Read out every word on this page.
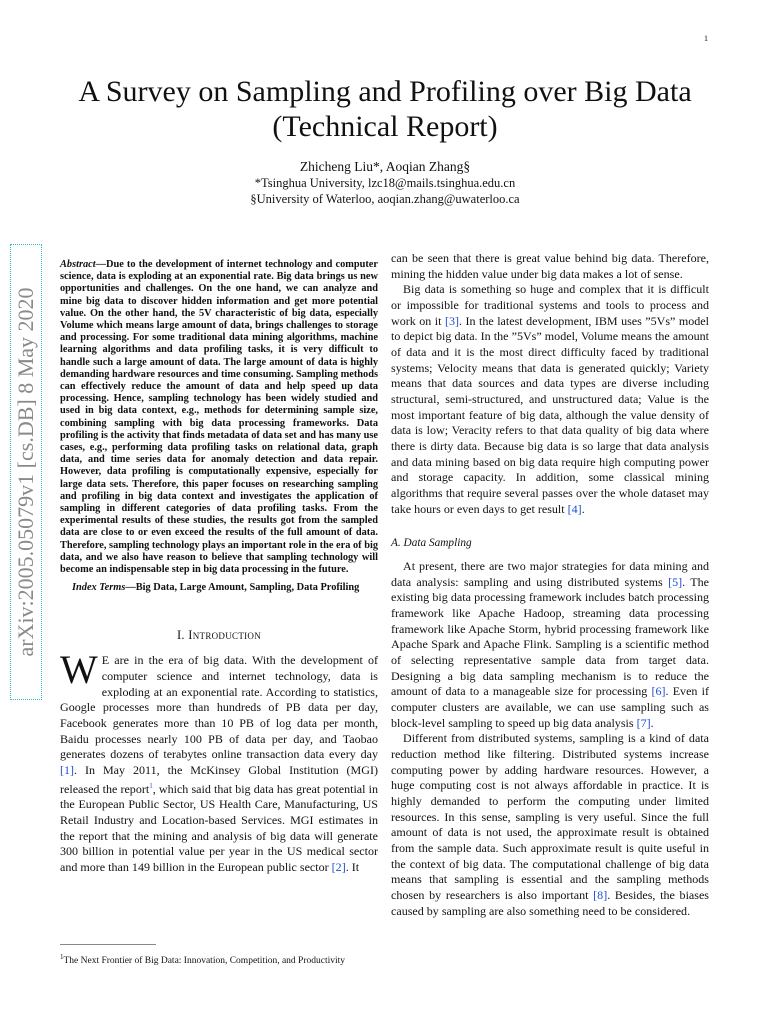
1
A Survey on Sampling and Profiling over Big Data
(Technical Report)
Zhicheng Liu*, Aoqian Zhang§
*Tsinghua University, lzc18@mails.tsinghua.edu.cn
§University of Waterloo, aoqian.zhang@uwaterloo.ca
arXiv:2005.05079v1 [cs.DB] 8 May 2020

Abstract—Due to the development of internet technology and computer science, data is exploding at an exponential rate. Big data brings us new opportunities and challenges. On the one hand, we can analyze and mine big data to discover hidden information and get more potential value. On the other hand, the 5V characteristic of big data, especially Volume which means large amount of data, brings challenges to storage and processing. For some traditional data mining algorithms, machine learning algorithms and data profiling tasks, it is very difficult to handle such a large amount of data. The large amount of data is highly demanding hardware resources and time consuming. Sampling methods can effectively reduce the amount of data and help speed up data processing. Hence, sampling technology has been widely studied and used in big data context, e.g., methods for determining sample size, combining sampling with big data processing frameworks. Data profiling is the activity that finds metadata of data set and has many use cases, e.g., performing data profiling tasks on relational data, graph data, and time series data for anomaly detection and data repair. However, data profiling is computationally expensive, especially for large data sets. Therefore, this paper focuses on researching sampling and profiling in big data context and investigates the application of sampling in different categories of data profiling tasks. From the experimental results of these studies, the results got from the sampled data are close to or even exceed the results of the full amount of data. Therefore, sampling technology plays an important role in the era of big data, and we also have reason to believe that sampling technology will become an indispensable step in big data processing in the future.

Index Terms—Big Data, Large Amount, Sampling, Data Profiling

I. Introduction

W E are in the era of big data. With the development of computer science and internet technology, data is exploding at an exponential rate. According to statistics, Google processes more than hundreds of PB data per day, Facebook generates more than 10 PB of log data per month, Baidu processes nearly 100 PB of data per day, and Taobao generates dozens of terabytes online transaction data every day [1]. In May 2011, the McKinsey Global Institution (MGI) released the report$^1$, which said that big data has great potential in the European Public Sector, US Health Care, Manufacturing, US Retail Industry and Location-based Services. MGI estimates in the report that the mining and analysis of big data will generate 300 billion in potential value per year in the US medical sector and more than 149 billion in the European public sector [2]. It

$^1$The Next Frontier of Big Data: Innovation, Competition, and Productivity

can be seen that there is great value behind big data. Therefore, mining the hidden value under big data makes a lot of sense.

Big data is something so huge and complex that it is difficult or impossible for traditional systems and tools to process and work on it [3]. In the latest development, IBM uses ”5Vs” model to depict big data. In the ”5Vs” model, Volume means the amount of data and it is the most direct difficulty faced by traditional systems; Velocity means that data is generated quickly; Variety means that data sources and data types are diverse including structural, semi-structured, and unstructured data; Value is the most important feature of big data, although the value density of data is low; Veracity refers to that data quality of big data where there is dirty data. Because big data is so large that data analysis and data mining based on big data require high computing power and storage capacity. In addition, some classical mining algorithms that require several passes over the whole dataset may take hours or even days to get result [4].

A. Data Sampling

At present, there are two major strategies for data mining and data analysis: sampling and using distributed systems [5]. The existing big data processing framework includes batch processing framework like Apache Hadoop, streaming data processing framework like Apache Storm, hybrid processing framework like Apache Spark and Apache Flink. Sampling is a scientific method of selecting representative sample data from target data. Designing a big data sampling mechanism is to reduce the amount of data to a manageable size for processing [6]. Even if computer clusters are available, we can use sampling such as block-level sampling to speed up big data analysis [7].

Different from distributed systems, sampling is a kind of data reduction method like filtering. Distributed systems increase computing power by adding hardware resources. However, a huge computing cost is not always affordable in practice. It is highly demanded to perform the computing under limited resources. In this sense, sampling is very useful. Since the full amount of data is not used, the approximate result is obtained from the sample data. Such approximate result is quite useful in the context of big data. The computational challenge of big data means that sampling is essential and the sampling methods chosen by researchers is also important [8]. Besides, the biases caused by sampling are also something need to be considered.
